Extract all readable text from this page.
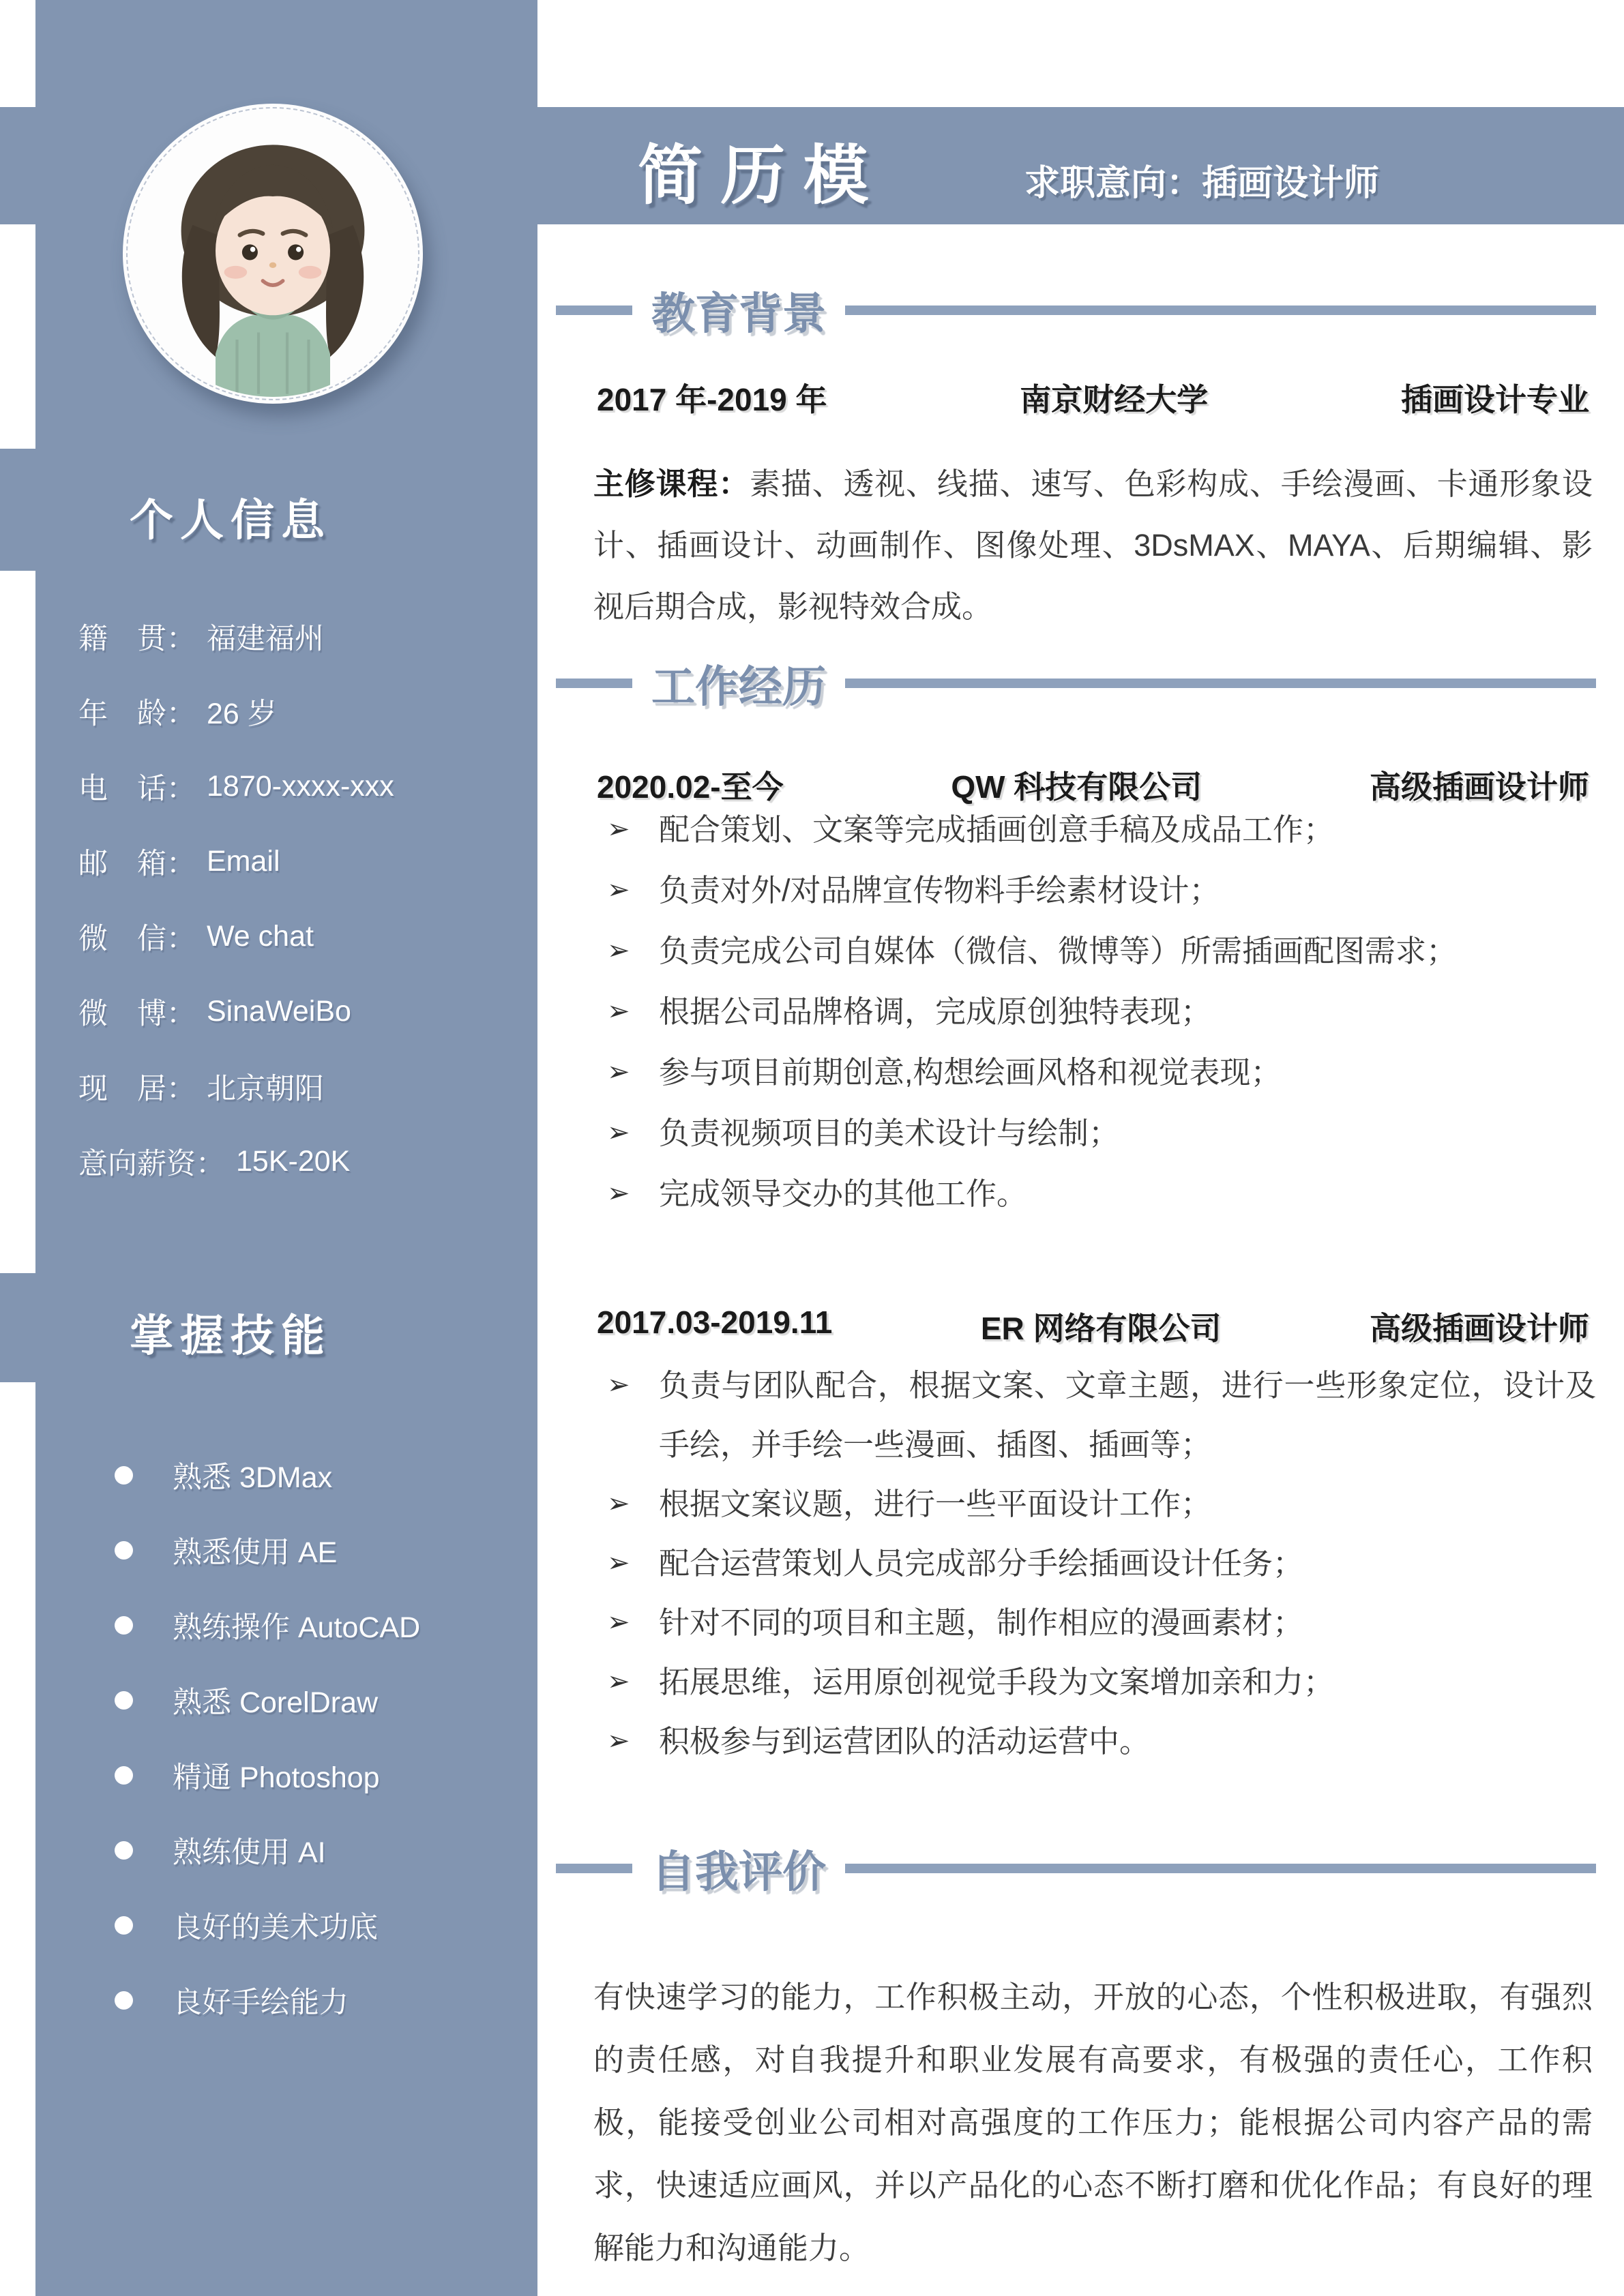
简 历 模	求职意向：插画设计师
个人信息
籍　贯： 福建福州
年　龄： 26 岁
电　话： 1870-xxxx-xxx
邮　箱： Email
微　信： We chat
微　博： SinaWeiBo
现　居： 北京朝阳
意向薪资： 15K-20K
掌握技能
熟悉 3DMax
熟悉使用 AE
熟练操作 AutoCAD
熟悉 CorelDraw
精通 Photoshop
熟练使用 AI
良好的美术功底
良好手绘能力
教育背景
2017 年-2019 年	南京财经大学	插画设计专业

主修课程：素描、透视、线描、速写、色彩构成、手绘漫画、卡通形象设计、插画设计、动画制作、图像处理、3DsMAX、MAYA、后期编辑、影视后期合成，影视特效合成。

工作经历
2020.02-至今	QW 科技有限公司	高级插画设计师
➢ 配合策划、文案等完成插画创意手稿及成品工作；
➢ 负责对外/对品牌宣传物料手绘素材设计；
➢ 负责完成公司自媒体（微信、微博等）所需插画配图需求；
➢ 根据公司品牌格调，完成原创独特表现；
➢ 参与项目前期创意,构想绘画风格和视觉表现；
➢ 负责视频项目的美术设计与绘制；
➢ 完成领导交办的其他工作。
2017.03-2019.11	ER 网络有限公司	高级插画设计师
➢ 负责与团队配合，根据文案、文章主题，进行一些形象定位，设计及手绘，并手绘一些漫画、插图、插画等；
➢ 根据文案议题，进行一些平面设计工作；
➢ 配合运营策划人员完成部分手绘插画设计任务；
➢ 针对不同的项目和主题，制作相应的漫画素材；
➢ 拓展思维，运用原创视觉手段为文案增加亲和力；
➢ 积极参与到运营团队的活动运营中。
自我评价

有快速学习的能力，工作积极主动，开放的心态，个性积极进取，有强烈的责任感，对自我提升和职业发展有高要求，有极强的责任心，工作积极，能接受创业公司相对高强度的工作压力；能根据公司内容产品的需求，快速适应画风，并以产品化的心态不断打磨和优化作品；有良好的理解能力和沟通能力。
